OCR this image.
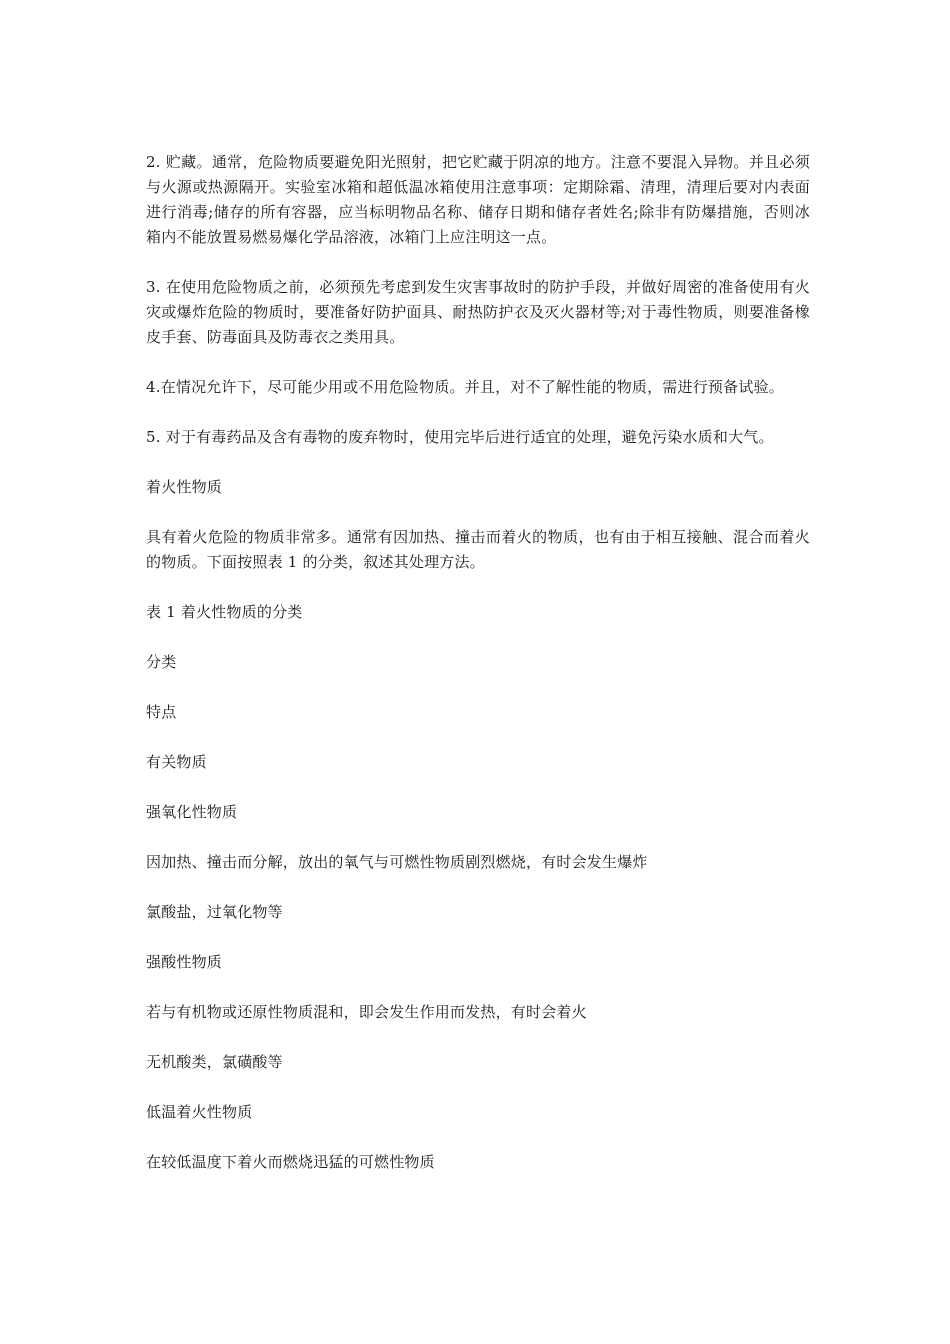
2. 贮藏。通常，危险物质要避免阳光照射，把它贮藏于阴凉的地方。注意不要混入异物。并且必须与火源或热源隔开。实验室冰箱和超低温冰箱使用注意事项：定期除霜、清理，清理后要对内表面进行消毒;储存的所有容器，应当标明物品名称、储存日期和储存者姓名;除非有防爆措施，否则冰箱内不能放置易燃易爆化学品溶液，冰箱门上应注明这一点。

3. 在使用危险物质之前，必须预先考虑到发生灾害事故时的防护手段，并做好周密的准备使用有火灾或爆炸危险的物质时，要准备好防护面具、耐热防护衣及灭火器材等;对于毒性物质，则要准备橡皮手套、防毒面具及防毒衣之类用具。

4.在情况允许下，尽可能少用或不用危险物质。并且，对不了解性能的物质，需进行预备试验。

5. 对于有毒药品及含有毒物的废弃物时，使用完毕后进行适宜的处理，避免污染水质和大气。

着火性物质

具有着火危险的物质非常多。通常有因加热、撞击而着火的物质，也有由于相互接触、混合而着火的物质。下面按照表 1 的分类，叙述其处理方法。

表 1 着火性物质的分类

分类

特点

有关物质

强氧化性物质

因加热、撞击而分解，放出的氧气与可燃性物质剧烈燃烧，有时会发生爆炸

氯酸盐，过氧化物等

强酸性物质

若与有机物或还原性物质混和，即会发生作用而发热，有时会着火

无机酸类，氯磺酸等

低温着火性物质

在较低温度下着火而燃烧迅猛的可燃性物质
